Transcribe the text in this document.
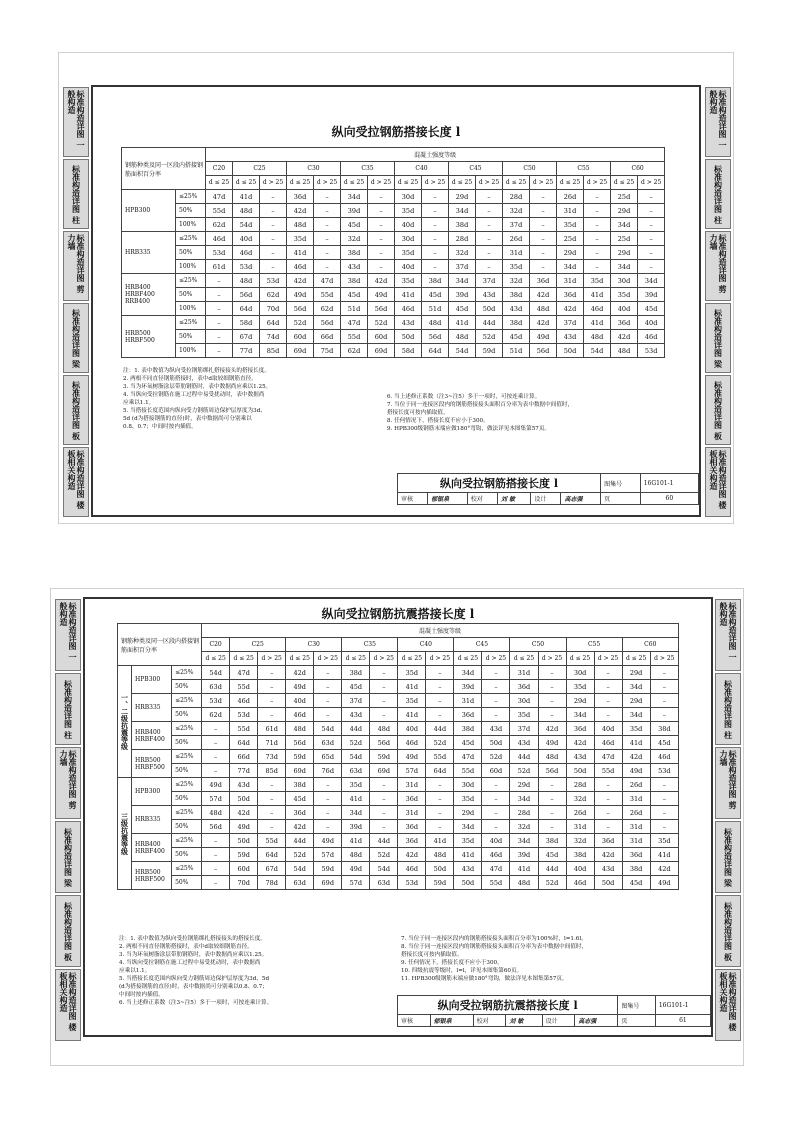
标准构造详图 一般构造
标准构造详图 柱
标准构造详图 剪力墙
标准构造详图 梁
标准构造详图 板
标准构造详图 楼板相关构造
标准构造详图 一般构造
标准构造详图 柱
标准构造详图 剪力墙
标准构造详图 梁
标准构造详图 板
标准构造详图 楼板相关构造
纵向受拉钢筋搭接长度 l
钢筋种类及同一区段内搭接钢筋面积百分率		混凝土强度等级																
		C20	C25		C30		C35		C40		C45		C50		C55		C60	
		d ≤ 25	d ≤ 25	d > 25	d ≤ 25	d > 25	d ≤ 25	d > 25	d ≤ 25	d > 25	d ≤ 25	d > 25	d ≤ 25	d > 25	d ≤ 25	d > 25	d ≤ 25	d > 25
HPB300	≤25%	47d	41d	–	36d	–	34d	–	30d	–	29d	–	28d	–	26d	–	25d	–
	50%	55d	48d	–	42d	–	39d	–	35d	–	34d	–	32d	–	31d	–	29d	–
	100%	62d	54d	–	48d	–	45d	–	40d	–	38d	–	37d	–	35d	–	34d	–
HRB335	≤25%	46d	40d	–	35d	–	32d	–	30d	–	28d	–	26d	–	25d	–	25d	–
	50%	53d	46d	–	41d	–	38d	–	35d	–	32d	–	31d	–	29d	–	29d	–
	100%	61d	53d	–	46d	–	43d	–	40d	–	37d	–	35d	–	34d	–	34d	–
HRB400 HRBF400 RRB400	≤25%	–	48d	53d	42d	47d	38d	42d	35d	38d	34d	37d	32d	36d	31d	35d	30d	34d
	50%	–	56d	62d	49d	55d	45d	49d	41d	45d	39d	43d	38d	42d	36d	41d	35d	39d
	100%	–	64d	70d	56d	62d	51d	56d	46d	51d	45d	50d	43d	48d	42d	46d	40d	45d
HRB500 HRBF500	≤25%	–	58d	64d	52d	56d	47d	52d	43d	48d	41d	44d	38d	42d	37d	41d	36d	40d
	50%	–	67d	74d	60d	66d	55d	60d	50d	56d	48d	52d	45d	49d	43d	48d	42d	46d
	100%	–	77d	85d	69d	75d	62d	69d	58d	64d	54d	59d	51d	56d	50d	54d	48d	53d
注：1. 表中数值为纵向受拉钢筋绑扎搭接接头的搭接长度。
2. 两根不同直径钢筋搭接时，表中d取较细钢筋直径。
3. 当为环氧树脂涂层带肋钢筋时，表中数据尚应乘以1.25。
4. 当纵向受拉钢筋在施工过程中易受扰动时，表中数据尚
应乘以1.1。
5. 当搭接长度范围内纵向受力钢筋周边保护层厚度为3d、
5d (d为搭接钢筋的直径)时，表中数据尚可分别乘以
0.8、0.7；中间时按内插值。
6. 当上述修正系数（注3~注5）多于一项时，可按连乘计算。
7. 当位于同一连接区段内的钢筋搭接接头面积百分率为表中数据中间值时，
搭接长度可按内插取值。
8. 任何情况下，搭接长度不应小于300。
9. HPB300级钢筋末端应做180°弯钩，做法详见本图集第57页。
纵向受拉钢筋搭接长度 l						图集号	16G101-1
审核	郁银泉	校对	刘 敏	设计	高志强	页	60
标准构造详图 一般构造
标准构造详图 柱
标准构造详图 剪力墙
标准构造详图 梁
标准构造详图 板
标准构造详图 楼板相关构造
标准构造详图 一般构造
标准构造详图 柱
标准构造详图 剪力墙
标准构造详图 梁
标准构造详图 板
标准构造详图 楼板相关构造
纵向受拉钢筋抗震搭接长度 l
钢筋种类及同一区段内搭接钢筋面积百分率			混凝土强度等级																
			C20	C25		C30		C35		C40		C45		C50		C55		C60	
			d ≤ 25	d ≤ 25	d > 25	d ≤ 25	d > 25	d ≤ 25	d > 25	d ≤ 25	d > 25	d ≤ 25	d > 25	d ≤ 25	d > 25	d ≤ 25	d > 25	d ≤ 25	d > 25
一、二级抗震等级	HPB300	≤25%	54d	47d	–	42d	–	38d	–	35d	–	34d	–	31d	–	30d	–	29d	–
		50%	63d	55d	–	49d	–	45d	–	41d	–	39d	–	36d	–	35d	–	34d	–
	HRB335	≤25%	53d	46d	–	40d	–	37d	–	35d	–	31d	–	30d	–	29d	–	29d	–
		50%	62d	53d	–	46d	–	43d	–	41d	–	36d	–	35d	–	34d	–	34d	–
	HRB400 HRBF400	≤25%	–	55d	61d	48d	54d	44d	48d	40d	44d	38d	43d	37d	42d	36d	40d	35d	38d
		50%	–	64d	71d	56d	63d	52d	56d	46d	52d	45d	50d	43d	49d	42d	46d	41d	45d
	HRB500 HRBF500	≤25%	–	66d	73d	59d	65d	54d	59d	49d	55d	47d	52d	44d	48d	43d	47d	42d	46d
		50%	–	77d	85d	69d	76d	63d	69d	57d	64d	55d	60d	52d	56d	50d	55d	49d	53d
三级抗震等级	HPB300	≤25%	49d	43d	–	38d	–	35d	–	31d	–	30d	–	29d	–	28d	–	26d	–
		50%	57d	50d	–	45d	–	41d	–	36d	–	35d	–	34d	–	32d	–	31d	–
	HRB335	≤25%	48d	42d	–	36d	–	34d	–	31d	–	29d	–	28d	–	26d	–	26d	–
		50%	56d	49d	–	42d	–	39d	–	36d	–	34d	–	32d	–	31d	–	31d	–
	HRB400 HRBF400	≤25%	–	50d	55d	44d	49d	41d	44d	36d	41d	35d	40d	34d	38d	32d	36d	31d	35d
		50%	–	59d	64d	52d	57d	48d	52d	42d	48d	41d	46d	39d	45d	38d	42d	36d	41d
	HRB500 HRBF500	≤25%	–	60d	67d	54d	59d	49d	54d	46d	50d	43d	47d	41d	44d	40d	43d	38d	42d
		50%	–	70d	78d	63d	69d	57d	63d	53d	59d	50d	55d	48d	52d	46d	50d	45d	49d
注：1. 表中数值为纵向受拉钢筋绑扎搭接接头的搭接长度。
2. 两根不同直径钢筋搭接时，表中d取较细钢筋直径。
3. 当为环氧树脂涂层带肋钢筋时，表中数据尚应乘以1.25。
4. 当纵向受拉钢筋在施工过程中易受扰动时，表中数据尚
应乘以1.1。
5. 当搭接长度范围内纵向受力钢筋周边保护层厚度为3d、5d
(d为搭接钢筋的直径)时，表中数据尚可分别乘以0.8、0.7；
中间时按内插值。
6. 当上述修正系数（注3~注5）多于一项时，可按连乘计算。
7. 当位于同一连接区段内的钢筋搭接接头面积百分率为100%时，l=1.6l。
8. 当位于同一连接区段内的钢筋搭接接头面积百分率为表中数据中间值时，
搭接长度可按内插取值。
9. 任何情况下，搭接长度不应小于300。
10. 四级抗震等级时，l=l，详见本图集第60页。
11. HPB300级钢筋末端应做180°弯钩，做法详见本图集第57页。
纵向受拉钢筋抗震搭接长度 l						图集号	16G101-1
审核	郁银泉	校对	刘 敏	设计	高志强	页	61
